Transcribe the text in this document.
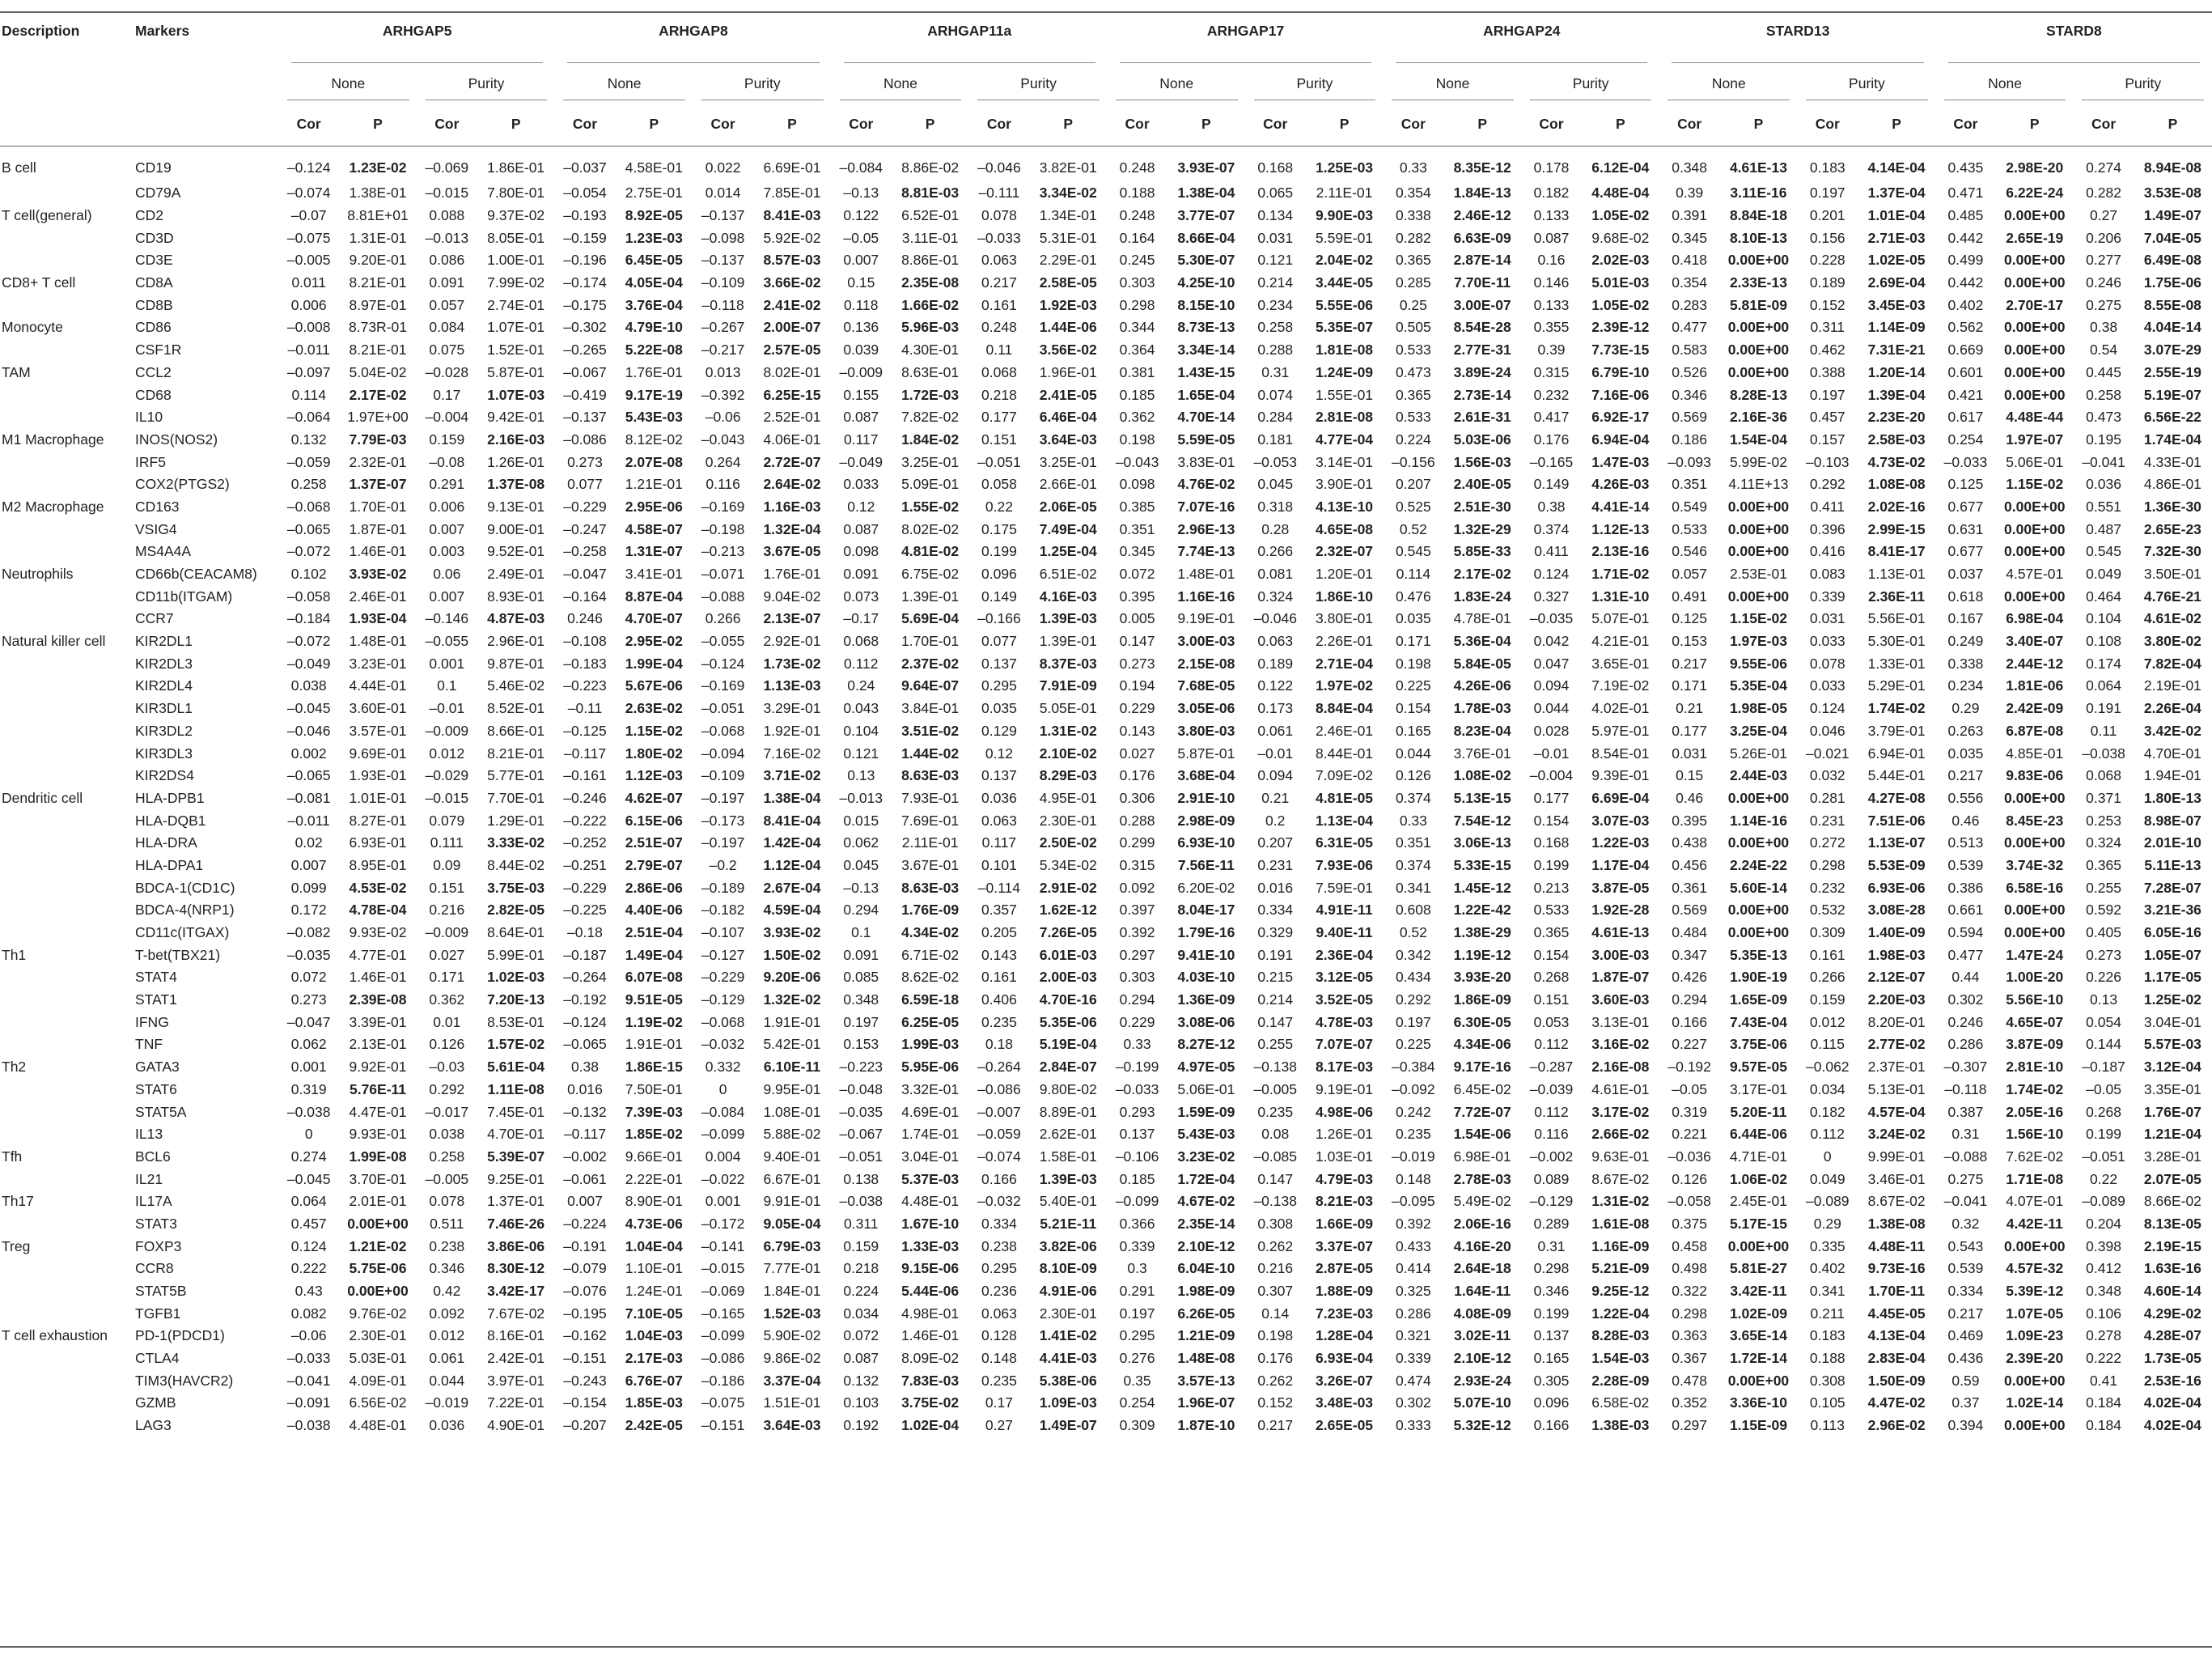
Description	Markers	ARHGAP5				ARHGAP8				ARHGAP11a				ARHGAP17				ARHGAP24				STARD13				STARD8			
		None		Purity		None		Purity		None		Purity		None		Purity		None		Purity		None		Purity		None		Purity	
		Cor	P	Cor	P	Cor	P	Cor	P	Cor	P	Cor	P	Cor	P	Cor	P	Cor	P	Cor	P	Cor	P	Cor	P	Cor	P	Cor	P
B cell	CD19	–0.124	1.23E-02	–0.069	1.86E-01	–0.037	4.58E-01	0.022	6.69E-01	–0.084	8.86E-02	–0.046	3.82E-01	0.248	3.93E-07	0.168	1.25E-03	0.33	8.35E-12	0.178	6.12E-04	0.348	4.61E-13	0.183	4.14E-04	0.435	2.98E-20	0.274	8.94E-08
	CD79A	–0.074	1.38E-01	–0.015	7.80E-01	–0.054	2.75E-01	0.014	7.85E-01	–0.13	8.81E-03	–0.111	3.34E-02	0.188	1.38E-04	0.065	2.11E-01	0.354	1.84E-13	0.182	4.48E-04	0.39	3.11E-16	0.197	1.37E-04	0.471	6.22E-24	0.282	3.53E-08
T cell(general)	CD2	–0.07	8.81E+01	0.088	9.37E-02	–0.193	8.92E-05	–0.137	8.41E-03	0.122	6.52E-01	0.078	1.34E-01	0.248	3.77E-07	0.134	9.90E-03	0.338	2.46E-12	0.133	1.05E-02	0.391	8.84E-18	0.201	1.01E-04	0.485	0.00E+00	0.27	1.49E-07
	CD3D	–0.075	1.31E-01	–0.013	8.05E-01	–0.159	1.23E-03	–0.098	5.92E-02	–0.05	3.11E-01	–0.033	5.31E-01	0.164	8.66E-04	0.031	5.59E-01	0.282	6.63E-09	0.087	9.68E-02	0.345	8.10E-13	0.156	2.71E-03	0.442	2.65E-19	0.206	7.04E-05
	CD3E	–0.005	9.20E-01	0.086	1.00E-01	–0.196	6.45E-05	–0.137	8.57E-03	0.007	8.86E-01	0.063	2.29E-01	0.245	5.30E-07	0.121	2.04E-02	0.365	2.87E-14	0.16	2.02E-03	0.418	0.00E+00	0.228	1.02E-05	0.499	0.00E+00	0.277	6.49E-08
CD8+ T cell	CD8A	0.011	8.21E-01	0.091	7.99E-02	–0.174	4.05E-04	–0.109	3.66E-02	0.15	2.35E-08	0.217	2.58E-05	0.303	4.25E-10	0.214	3.44E-05	0.285	7.70E-11	0.146	5.01E-03	0.354	2.33E-13	0.189	2.69E-04	0.442	0.00E+00	0.246	1.75E-06
	CD8B	0.006	8.97E-01	0.057	2.74E-01	–0.175	3.76E-04	–0.118	2.41E-02	0.118	1.66E-02	0.161	1.92E-03	0.298	8.15E-10	0.234	5.55E-06	0.25	3.00E-07	0.133	1.05E-02	0.283	5.81E-09	0.152	3.45E-03	0.402	2.70E-17	0.275	8.55E-08
Monocyte	CD86	–0.008	8.73R-01	0.084	1.07E-01	–0.302	4.79E-10	–0.267	2.00E-07	0.136	5.96E-03	0.248	1.44E-06	0.344	8.73E-13	0.258	5.35E-07	0.505	8.54E-28	0.355	2.39E-12	0.477	0.00E+00	0.311	1.14E-09	0.562	0.00E+00	0.38	4.04E-14
	CSF1R	–0.011	8.21E-01	0.075	1.52E-01	–0.265	5.22E-08	–0.217	2.57E-05	0.039	4.30E-01	0.11	3.56E-02	0.364	3.34E-14	0.288	1.81E-08	0.533	2.77E-31	0.39	7.73E-15	0.583	0.00E+00	0.462	7.31E-21	0.669	0.00E+00	0.54	3.07E-29
TAM	CCL2	–0.097	5.04E-02	–0.028	5.87E-01	–0.067	1.76E-01	0.013	8.02E-01	–0.009	8.63E-01	0.068	1.96E-01	0.381	1.43E-15	0.31	1.24E-09	0.473	3.89E-24	0.315	6.79E-10	0.526	0.00E+00	0.388	1.20E-14	0.601	0.00E+00	0.445	2.55E-19
	CD68	0.114	2.17E-02	0.17	1.07E-03	–0.419	9.17E-19	–0.392	6.25E-15	0.155	1.72E-03	0.218	2.41E-05	0.185	1.65E-04	0.074	1.55E-01	0.365	2.73E-14	0.232	7.16E-06	0.346	8.28E-13	0.197	1.39E-04	0.421	0.00E+00	0.258	5.19E-07
	IL10	–0.064	1.97E+00	–0.004	9.42E-01	–0.137	5.43E-03	–0.06	2.52E-01	0.087	7.82E-02	0.177	6.46E-04	0.362	4.70E-14	0.284	2.81E-08	0.533	2.61E-31	0.417	6.92E-17	0.569	2.16E-36	0.457	2.23E-20	0.617	4.48E-44	0.473	6.56E-22
M1 Macrophage	INOS(NOS2)	0.132	7.79E-03	0.159	2.16E-03	–0.086	8.12E-02	–0.043	4.06E-01	0.117	1.84E-02	0.151	3.64E-03	0.198	5.59E-05	0.181	4.77E-04	0.224	5.03E-06	0.176	6.94E-04	0.186	1.54E-04	0.157	2.58E-03	0.254	1.97E-07	0.195	1.74E-04
	IRF5	–0.059	2.32E-01	–0.08	1.26E-01	0.273	2.07E-08	0.264	2.72E-07	–0.049	3.25E-01	–0.051	3.25E-01	–0.043	3.83E-01	–0.053	3.14E-01	–0.156	1.56E-03	–0.165	1.47E-03	–0.093	5.99E-02	–0.103	4.73E-02	–0.033	5.06E-01	–0.041	4.33E-01
	COX2(PTGS2)	0.258	1.37E-07	0.291	1.37E-08	0.077	1.21E-01	0.116	2.64E-02	0.033	5.09E-01	0.058	2.66E-01	0.098	4.76E-02	0.045	3.90E-01	0.207	2.40E-05	0.149	4.26E-03	0.351	4.11E+13	0.292	1.08E-08	0.125	1.15E-02	0.036	4.86E-01
M2 Macrophage	CD163	–0.068	1.70E-01	0.006	9.13E-01	–0.229	2.95E-06	–0.169	1.16E-03	0.12	1.55E-02	0.22	2.06E-05	0.385	7.07E-16	0.318	4.13E-10	0.525	2.51E-30	0.38	4.41E-14	0.549	0.00E+00	0.411	2.02E-16	0.677	0.00E+00	0.551	1.36E-30
	VSIG4	–0.065	1.87E-01	0.007	9.00E-01	–0.247	4.58E-07	–0.198	1.32E-04	0.087	8.02E-02	0.175	7.49E-04	0.351	2.96E-13	0.28	4.65E-08	0.52	1.32E-29	0.374	1.12E-13	0.533	0.00E+00	0.396	2.99E-15	0.631	0.00E+00	0.487	2.65E-23
	MS4A4A	–0.072	1.46E-01	0.003	9.52E-01	–0.258	1.31E-07	–0.213	3.67E-05	0.098	4.81E-02	0.199	1.25E-04	0.345	7.74E-13	0.266	2.32E-07	0.545	5.85E-33	0.411	2.13E-16	0.546	0.00E+00	0.416	8.41E-17	0.677	0.00E+00	0.545	7.32E-30
Neutrophils	CD66b(CEACAM8)	0.102	3.93E-02	0.06	2.49E-01	–0.047	3.41E-01	–0.071	1.76E-01	0.091	6.75E-02	0.096	6.51E-02	0.072	1.48E-01	0.081	1.20E-01	0.114	2.17E-02	0.124	1.71E-02	0.057	2.53E-01	0.083	1.13E-01	0.037	4.57E-01	0.049	3.50E-01
	CD11b(ITGAM)	–0.058	2.46E-01	0.007	8.93E-01	–0.164	8.87E-04	–0.088	9.04E-02	0.073	1.39E-01	0.149	4.16E-03	0.395	1.16E-16	0.324	1.86E-10	0.476	1.83E-24	0.327	1.31E-10	0.491	0.00E+00	0.339	2.36E-11	0.618	0.00E+00	0.464	4.76E-21
	CCR7	–0.184	1.93E-04	–0.146	4.87E-03	0.246	4.70E-07	0.266	2.13E-07	–0.17	5.69E-04	–0.166	1.39E-03	0.005	9.19E-01	–0.046	3.80E-01	0.035	4.78E-01	–0.035	5.07E-01	0.125	1.15E-02	0.031	5.56E-01	0.167	6.98E-04	0.104	4.61E-02
Natural killer cell	KIR2DL1	–0.072	1.48E-01	–0.055	2.96E-01	–0.108	2.95E-02	–0.055	2.92E-01	0.068	1.70E-01	0.077	1.39E-01	0.147	3.00E-03	0.063	2.26E-01	0.171	5.36E-04	0.042	4.21E-01	0.153	1.97E-03	0.033	5.30E-01	0.249	3.40E-07	0.108	3.80E-02
	KIR2DL3	–0.049	3.23E-01	0.001	9.87E-01	–0.183	1.99E-04	–0.124	1.73E-02	0.112	2.37E-02	0.137	8.37E-03	0.273	2.15E-08	0.189	2.71E-04	0.198	5.84E-05	0.047	3.65E-01	0.217	9.55E-06	0.078	1.33E-01	0.338	2.44E-12	0.174	7.82E-04
	KIR2DL4	0.038	4.44E-01	0.1	5.46E-02	–0.223	5.67E-06	–0.169	1.13E-03	0.24	9.64E-07	0.295	7.91E-09	0.194	7.68E-05	0.122	1.97E-02	0.225	4.26E-06	0.094	7.19E-02	0.171	5.35E-04	0.033	5.29E-01	0.234	1.81E-06	0.064	2.19E-01
	KIR3DL1	–0.045	3.60E-01	–0.01	8.52E-01	–0.11	2.63E-02	–0.051	3.29E-01	0.043	3.84E-01	0.035	5.05E-01	0.229	3.05E-06	0.173	8.84E-04	0.154	1.78E-03	0.044	4.02E-01	0.21	1.98E-05	0.124	1.74E-02	0.29	2.42E-09	0.191	2.26E-04
	KIR3DL2	–0.046	3.57E-01	–0.009	8.66E-01	–0.125	1.15E-02	–0.068	1.92E-01	0.104	3.51E-02	0.129	1.31E-02	0.143	3.80E-03	0.061	2.46E-01	0.165	8.23E-04	0.028	5.97E-01	0.177	3.25E-04	0.046	3.79E-01	0.263	6.87E-08	0.11	3.42E-02
	KIR3DL3	0.002	9.69E-01	0.012	8.21E-01	–0.117	1.80E-02	–0.094	7.16E-02	0.121	1.44E-02	0.12	2.10E-02	0.027	5.87E-01	–0.01	8.44E-01	0.044	3.76E-01	–0.01	8.54E-01	0.031	5.26E-01	–0.021	6.94E-01	0.035	4.85E-01	–0.038	4.70E-01
	KIR2DS4	–0.065	1.93E-01	–0.029	5.77E-01	–0.161	1.12E-03	–0.109	3.71E-02	0.13	8.63E-03	0.137	8.29E-03	0.176	3.68E-04	0.094	7.09E-02	0.126	1.08E-02	–0.004	9.39E-01	0.15	2.44E-03	0.032	5.44E-01	0.217	9.83E-06	0.068	1.94E-01
Dendritic cell	HLA-DPB1	–0.081	1.01E-01	–0.015	7.70E-01	–0.246	4.62E-07	–0.197	1.38E-04	–0.013	7.93E-01	0.036	4.95E-01	0.306	2.91E-10	0.21	4.81E-05	0.374	5.13E-15	0.177	6.69E-04	0.46	0.00E+00	0.281	4.27E-08	0.556	0.00E+00	0.371	1.80E-13
	HLA-DQB1	–0.011	8.27E-01	0.079	1.29E-01	–0.222	6.15E-06	–0.173	8.41E-04	0.015	7.69E-01	0.063	2.30E-01	0.288	2.98E-09	0.2	1.13E-04	0.33	7.54E-12	0.154	3.07E-03	0.395	1.14E-16	0.231	7.51E-06	0.46	8.45E-23	0.253	8.98E-07
	HLA-DRA	0.02	6.93E-01	0.111	3.33E-02	–0.252	2.51E-07	–0.197	1.42E-04	0.062	2.11E-01	0.117	2.50E-02	0.299	6.93E-10	0.207	6.31E-05	0.351	3.06E-13	0.168	1.22E-03	0.438	0.00E+00	0.272	1.13E-07	0.513	0.00E+00	0.324	2.01E-10
	HLA-DPA1	0.007	8.95E-01	0.09	8.44E-02	–0.251	2.79E-07	–0.2	1.12E-04	0.045	3.67E-01	0.101	5.34E-02	0.315	7.56E-11	0.231	7.93E-06	0.374	5.33E-15	0.199	1.17E-04	0.456	2.24E-22	0.298	5.53E-09	0.539	3.74E-32	0.365	5.11E-13
	BDCA-1(CD1C)	0.099	4.53E-02	0.151	3.75E-03	–0.229	2.86E-06	–0.189	2.67E-04	–0.13	8.63E-03	–0.114	2.91E-02	0.092	6.20E-02	0.016	7.59E-01	0.341	1.45E-12	0.213	3.87E-05	0.361	5.60E-14	0.232	6.93E-06	0.386	6.58E-16	0.255	7.28E-07
	BDCA-4(NRP1)	0.172	4.78E-04	0.216	2.82E-05	–0.225	4.40E-06	–0.182	4.59E-04	0.294	1.76E-09	0.357	1.62E-12	0.397	8.04E-17	0.334	4.91E-11	0.608	1.22E-42	0.533	1.92E-28	0.569	0.00E+00	0.532	3.08E-28	0.661	0.00E+00	0.592	3.21E-36
	CD11c(ITGAX)	–0.082	9.93E-02	–0.009	8.64E-01	–0.18	2.51E-04	–0.107	3.93E-02	0.1	4.34E-02	0.205	7.26E-05	0.392	1.79E-16	0.329	9.40E-11	0.52	1.38E-29	0.365	4.61E-13	0.484	0.00E+00	0.309	1.40E-09	0.594	0.00E+00	0.405	6.05E-16
Th1	T-bet(TBX21)	–0.035	4.77E-01	0.027	5.99E-01	–0.187	1.49E-04	–0.127	1.50E-02	0.091	6.71E-02	0.143	6.01E-03	0.297	9.41E-10	0.191	2.36E-04	0.342	1.19E-12	0.154	3.00E-03	0.347	5.35E-13	0.161	1.98E-03	0.477	1.47E-24	0.273	1.05E-07
	STAT4	0.072	1.46E-01	0.171	1.02E-03	–0.264	6.07E-08	–0.229	9.20E-06	0.085	8.62E-02	0.161	2.00E-03	0.303	4.03E-10	0.215	3.12E-05	0.434	3.93E-20	0.268	1.87E-07	0.426	1.90E-19	0.266	2.12E-07	0.44	1.00E-20	0.226	1.17E-05
	STAT1	0.273	2.39E-08	0.362	7.20E-13	–0.192	9.51E-05	–0.129	1.32E-02	0.348	6.59E-18	0.406	4.70E-16	0.294	1.36E-09	0.214	3.52E-05	0.292	1.86E-09	0.151	3.60E-03	0.294	1.65E-09	0.159	2.20E-03	0.302	5.56E-10	0.13	1.25E-02
	IFNG	–0.047	3.39E-01	0.01	8.53E-01	–0.124	1.19E-02	–0.068	1.91E-01	0.197	6.25E-05	0.235	5.35E-06	0.229	3.08E-06	0.147	4.78E-03	0.197	6.30E-05	0.053	3.13E-01	0.166	7.43E-04	0.012	8.20E-01	0.246	4.65E-07	0.054	3.04E-01
	TNF	0.062	2.13E-01	0.126	1.57E-02	–0.065	1.91E-01	–0.032	5.42E-01	0.153	1.99E-03	0.18	5.19E-04	0.33	8.27E-12	0.255	7.07E-07	0.225	4.34E-06	0.112	3.16E-02	0.227	3.75E-06	0.115	2.77E-02	0.286	3.87E-09	0.144	5.57E-03
Th2	GATA3	0.001	9.92E-01	–0.03	5.61E-04	0.38	1.86E-15	0.332	6.10E-11	–0.223	5.95E-06	–0.264	2.84E-07	–0.199	4.97E-05	–0.138	8.17E-03	–0.384	9.17E-16	–0.287	2.16E-08	–0.192	9.57E-05	–0.062	2.37E-01	–0.307	2.81E-10	–0.187	3.12E-04
	STAT6	0.319	5.76E-11	0.292	1.11E-08	0.016	7.50E-01	0	9.95E-01	–0.048	3.32E-01	–0.086	9.80E-02	–0.033	5.06E-01	–0.005	9.19E-01	–0.092	6.45E-02	–0.039	4.61E-01	–0.05	3.17E-01	0.034	5.13E-01	–0.118	1.74E-02	–0.05	3.35E-01
	STAT5A	–0.038	4.47E-01	–0.017	7.45E-01	–0.132	7.39E-03	–0.084	1.08E-01	–0.035	4.69E-01	–0.007	8.89E-01	0.293	1.59E-09	0.235	4.98E-06	0.242	7.72E-07	0.112	3.17E-02	0.319	5.20E-11	0.182	4.57E-04	0.387	2.05E-16	0.268	1.76E-07
	IL13	0	9.93E-01	0.038	4.70E-01	–0.117	1.85E-02	–0.099	5.88E-02	–0.067	1.74E-01	–0.059	2.62E-01	0.137	5.43E-03	0.08	1.26E-01	0.235	1.54E-06	0.116	2.66E-02	0.221	6.44E-06	0.112	3.24E-02	0.31	1.56E-10	0.199	1.21E-04
Tfh	BCL6	0.274	1.99E-08	0.258	5.39E-07	–0.002	9.66E-01	0.004	9.40E-01	–0.051	3.04E-01	–0.074	1.58E-01	–0.106	3.23E-02	–0.085	1.03E-01	–0.019	6.98E-01	–0.002	9.63E-01	–0.036	4.71E-01	0	9.99E-01	–0.088	7.62E-02	–0.051	3.28E-01
	IL21	–0.045	3.70E-01	–0.005	9.25E-01	–0.061	2.22E-01	–0.022	6.67E-01	0.138	5.37E-03	0.166	1.39E-03	0.185	1.72E-04	0.147	4.79E-03	0.148	2.78E-03	0.089	8.67E-02	0.126	1.06E-02	0.049	3.46E-01	0.275	1.71E-08	0.22	2.07E-05
Th17	IL17A	0.064	2.01E-01	0.078	1.37E-01	0.007	8.90E-01	0.001	9.91E-01	–0.038	4.48E-01	–0.032	5.40E-01	–0.099	4.67E-02	–0.138	8.21E-03	–0.095	5.49E-02	–0.129	1.31E-02	–0.058	2.45E-01	–0.089	8.67E-02	–0.041	4.07E-01	–0.089	8.66E-02
	STAT3	0.457	0.00E+00	0.511	7.46E-26	–0.224	4.73E-06	–0.172	9.05E-04	0.311	1.67E-10	0.334	5.21E-11	0.366	2.35E-14	0.308	1.66E-09	0.392	2.06E-16	0.289	1.61E-08	0.375	5.17E-15	0.29	1.38E-08	0.32	4.42E-11	0.204	8.13E-05
Treg	FOXP3	0.124	1.21E-02	0.238	3.86E-06	–0.191	1.04E-04	–0.141	6.79E-03	0.159	1.33E-03	0.238	3.82E-06	0.339	2.10E-12	0.262	3.37E-07	0.433	4.16E-20	0.31	1.16E-09	0.458	0.00E+00	0.335	4.48E-11	0.543	0.00E+00	0.398	2.19E-15
	CCR8	0.222	5.75E-06	0.346	8.30E-12	–0.079	1.10E-01	–0.015	7.77E-01	0.218	9.15E-06	0.295	8.10E-09	0.3	6.04E-10	0.216	2.87E-05	0.414	2.64E-18	0.298	5.21E-09	0.498	5.81E-27	0.402	9.73E-16	0.539	4.57E-32	0.412	1.63E-16
	STAT5B	0.43	0.00E+00	0.42	3.42E-17	–0.076	1.24E-01	–0.069	1.84E-01	0.224	5.44E-06	0.236	4.91E-06	0.291	1.98E-09	0.307	1.88E-09	0.325	1.64E-11	0.346	9.25E-12	0.322	3.42E-11	0.341	1.70E-11	0.334	5.39E-12	0.348	4.60E-14
	TGFB1	0.082	9.76E-02	0.092	7.67E-02	–0.195	7.10E-05	–0.165	1.52E-03	0.034	4.98E-01	0.063	2.30E-01	0.197	6.26E-05	0.14	7.23E-03	0.286	4.08E-09	0.199	1.22E-04	0.298	1.02E-09	0.211	4.45E-05	0.217	1.07E-05	0.106	4.29E-02
T cell exhaustion	PD-1(PDCD1)	–0.06	2.30E-01	0.012	8.16E-01	–0.162	1.04E-03	–0.099	5.90E-02	0.072	1.46E-01	0.128	1.41E-02	0.295	1.21E-09	0.198	1.28E-04	0.321	3.02E-11	0.137	8.28E-03	0.363	3.65E-14	0.183	4.13E-04	0.469	1.09E-23	0.278	4.28E-07
	CTLA4	–0.033	5.03E-01	0.061	2.42E-01	–0.151	2.17E-03	–0.086	9.86E-02	0.087	8.09E-02	0.148	4.41E-03	0.276	1.48E-08	0.176	6.93E-04	0.339	2.10E-12	0.165	1.54E-03	0.367	1.72E-14	0.188	2.83E-04	0.436	2.39E-20	0.222	1.73E-05
	TIM3(HAVCR2)	–0.041	4.09E-01	0.044	3.97E-01	–0.243	6.76E-07	–0.186	3.37E-04	0.132	7.83E-03	0.235	5.38E-06	0.35	3.57E-13	0.262	3.26E-07	0.474	2.93E-24	0.305	2.28E-09	0.478	0.00E+00	0.308	1.50E-09	0.59	0.00E+00	0.41	2.53E-16
	GZMB	–0.091	6.56E-02	–0.019	7.22E-01	–0.154	1.85E-03	–0.075	1.51E-01	0.103	3.75E-02	0.17	1.09E-03	0.254	1.96E-07	0.152	3.48E-03	0.302	5.07E-10	0.096	6.58E-02	0.352	3.36E-10	0.105	4.47E-02	0.37	1.02E-14	0.184	4.02E-04
	LAG3	–0.038	4.48E-01	0.036	4.90E-01	–0.207	2.42E-05	–0.151	3.64E-03	0.192	1.02E-04	0.27	1.49E-07	0.309	1.87E-10	0.217	2.65E-05	0.333	5.32E-12	0.166	1.38E-03	0.297	1.15E-09	0.113	2.96E-02	0.394	0.00E+00	0.184	4.02E-04
